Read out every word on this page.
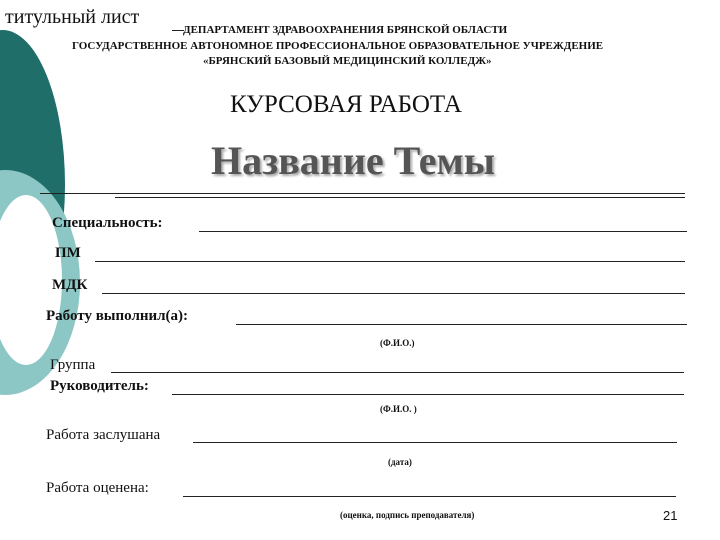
титульный лист
ДЕПАРТАМЕНТ ЗДРАВООХРАНЕНИЯ БРЯНСКОЙ ОБЛАСТИ
ГОСУДАРСТВЕННОЕ АВТОНОМНОЕ ПРОФЕССИОНАЛЬНОЕ ОБРАЗОВАТЕЛЬНОЕ УЧРЕЖДЕНИЕ
«БРЯНСКИЙ БАЗОВЫЙ МЕДИЦИНСКИЙ КОЛЛЕДЖ»
КУРСОВАЯ РАБОТА
Название Темы
Специальность:
ПМ
МДК
Работу выполнил(а):
(Ф.И.О.)
Группа
Руководитель:
(Ф.И.О. )
Работа заслушана
(дата)
Работа оценена:
(оценка, подпись преподавателя)	21
